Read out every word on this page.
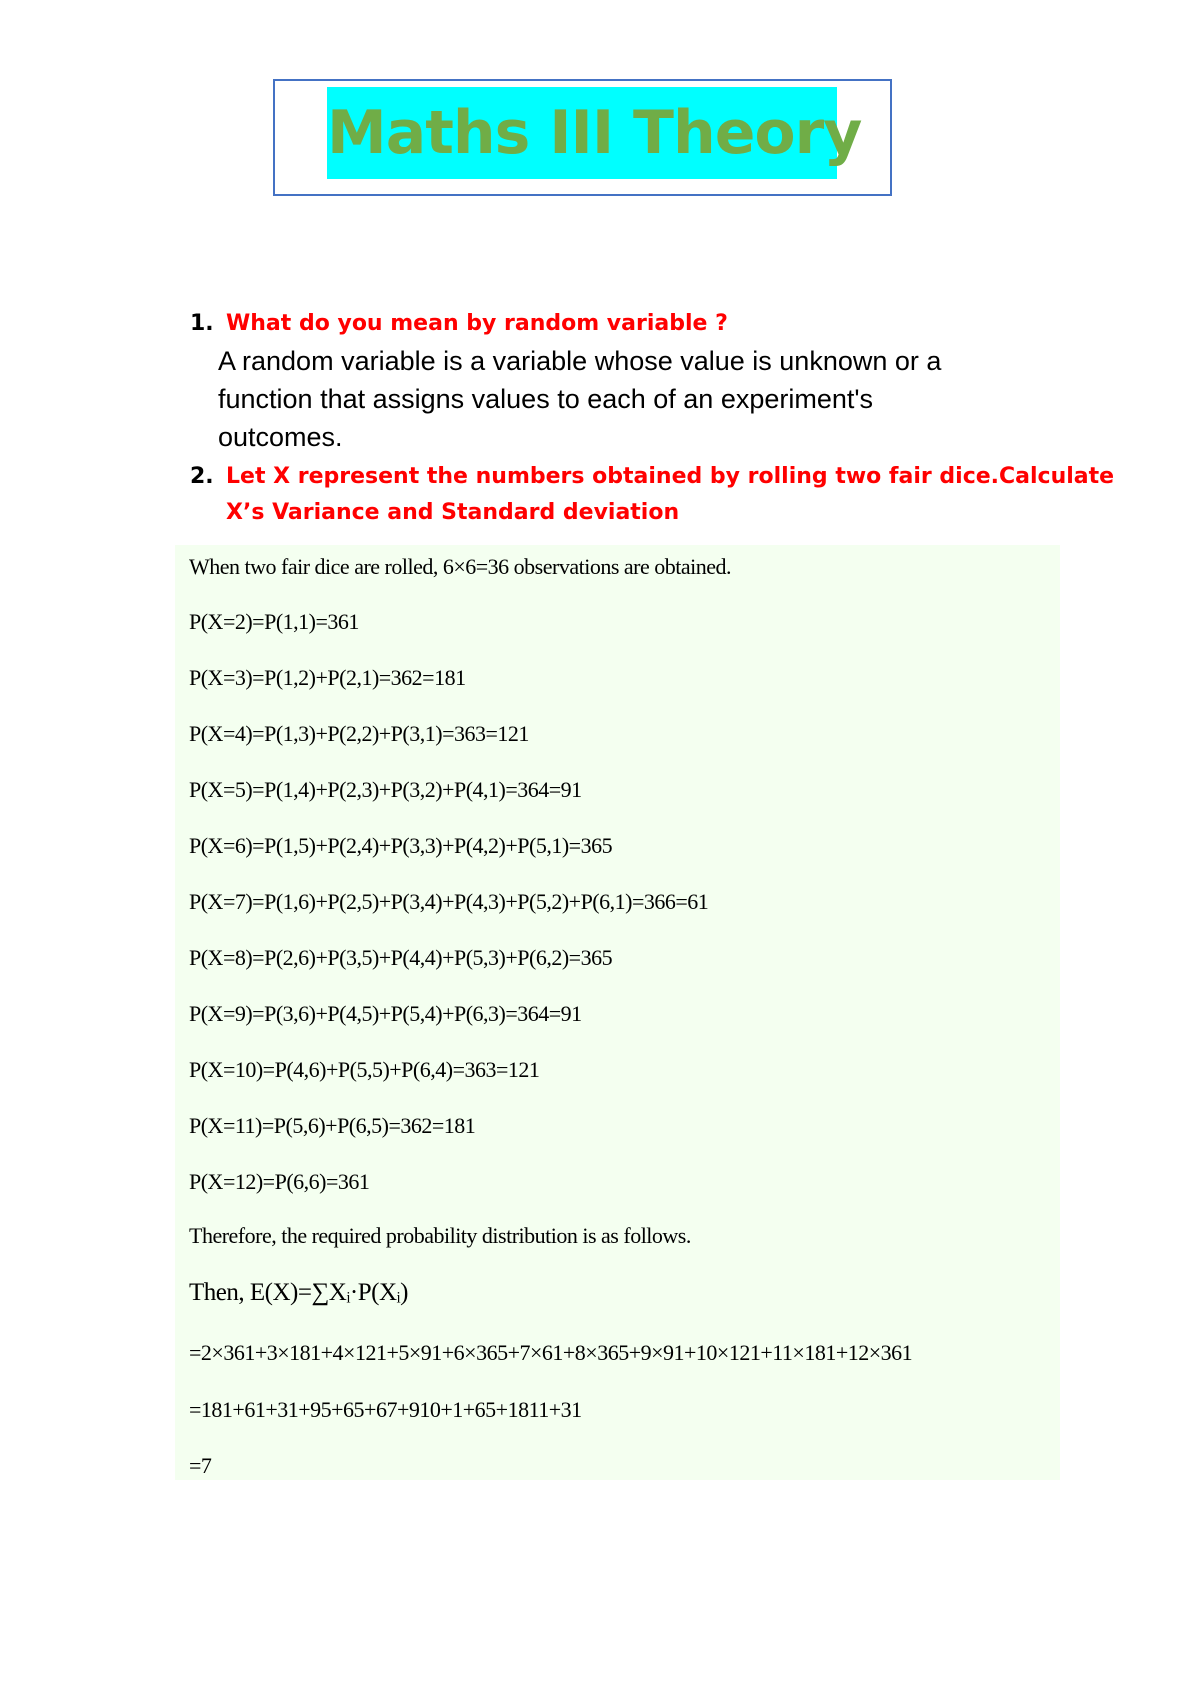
Maths III Theory
1. What do you mean by random variable ?
A random variable is a variable whose value is unknown or a
function that assigns values to each of an experiment's
outcomes.
2. Let X represent the numbers obtained by rolling two fair dice.Calculate
X’s Variance and Standard deviation
When two fair dice are rolled, 6×6=36 observations are obtained.
P(X=2)=P(1,1)=361
P(X=3)=P(1,2)+P(2,1)=362=181
P(X=4)=P(1,3)+P(2,2)+P(3,1)=363=121
P(X=5)=P(1,4)+P(2,3)+P(3,2)+P(4,1)=364=91
P(X=6)=P(1,5)+P(2,4)+P(3,3)+P(4,2)+P(5,1)=365
P(X=7)=P(1,6)+P(2,5)+P(3,4)+P(4,3)+P(5,2)+P(6,1)=366=61
P(X=8)=P(2,6)+P(3,5)+P(4,4)+P(5,3)+P(6,2)=365
P(X=9)=P(3,6)+P(4,5)+P(5,4)+P(6,3)=364=91
P(X=10)=P(4,6)+P(5,5)+P(6,4)=363=121
P(X=11)=P(5,6)+P(6,5)=362=181
P(X=12)=P(6,6)=361
Therefore, the required probability distribution is as follows.
Then, E(X)=∑Xᵢ·P(Xᵢ)
=2×361+3×181+4×121+5×91+6×365+7×61+8×365+9×91+10×121+11×181+12×361
=181+61+31+95+65+67+910+1+65+1811+31
=7
